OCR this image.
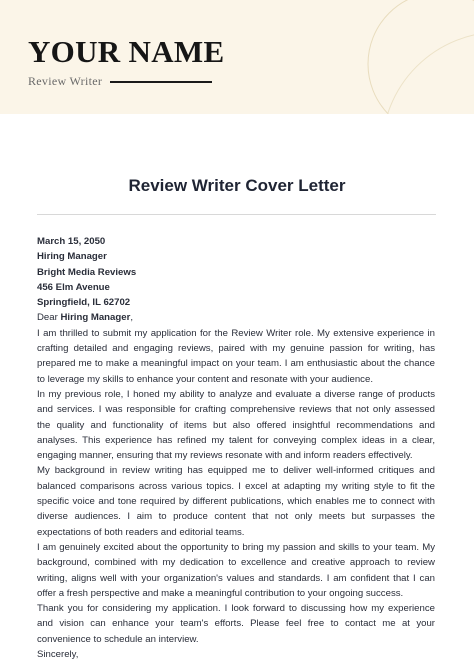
YOUR NAME
Review Writer
Review Writer Cover Letter
March 15, 2050
Hiring Manager
Bright Media Reviews
456 Elm Avenue
Springfield, IL 62702
Dear Hiring Manager,

I am thrilled to submit my application for the Review Writer role. My extensive experience in crafting detailed and engaging reviews, paired with my genuine passion for writing, has prepared me to make a meaningful impact on your team. I am enthusiastic about the chance to leverage my skills to enhance your content and resonate with your audience.

In my previous role, I honed my ability to analyze and evaluate a diverse range of products and services. I was responsible for crafting comprehensive reviews that not only assessed the quality and functionality of items but also offered insightful recommendations and analyses. This experience has refined my talent for conveying complex ideas in a clear, engaging manner, ensuring that my reviews resonate with and inform readers effectively.

My background in review writing has equipped me to deliver well-informed critiques and balanced comparisons across various topics. I excel at adapting my writing style to fit the specific voice and tone required by different publications, which enables me to connect with diverse audiences. I aim to produce content that not only meets but surpasses the expectations of both readers and editorial teams.

I am genuinely excited about the opportunity to bring my passion and skills to your team. My background, combined with my dedication to excellence and creative approach to review writing, aligns well with your organization's values and standards. I am confident that I can offer a fresh perspective and make a meaningful contribution to your ongoing success.

Thank you for considering my application. I look forward to discussing how my experience and vision can enhance your team's efforts. Please feel free to contact me at your convenience to schedule an interview.

Sincerely,
